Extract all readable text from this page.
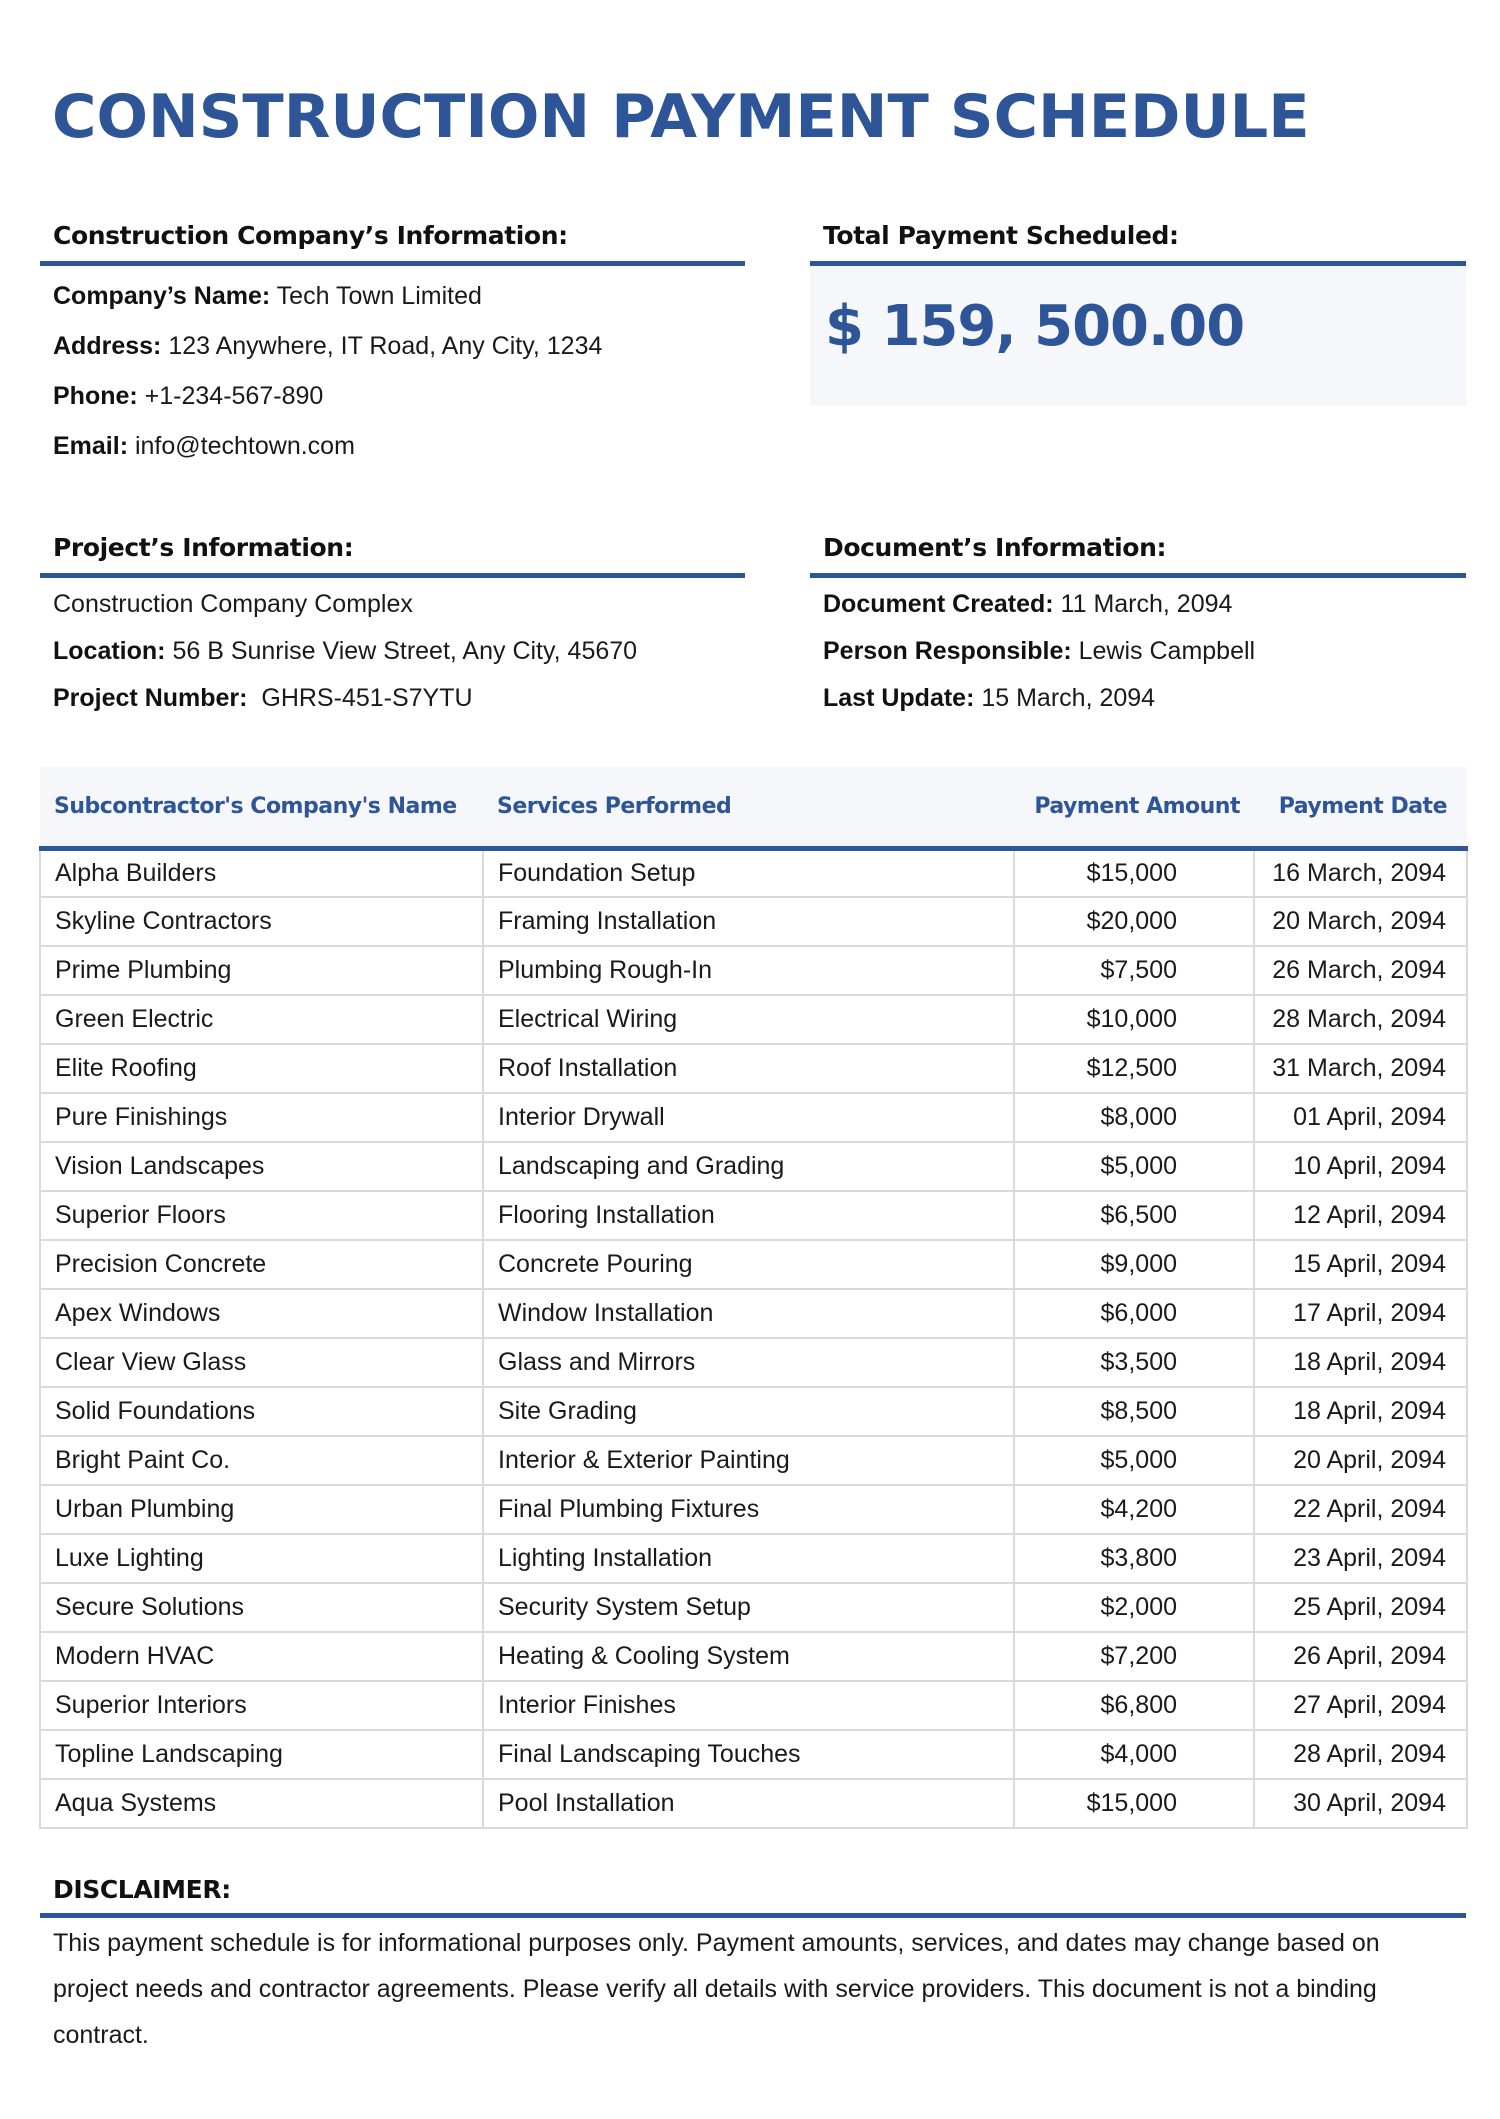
CONSTRUCTION PAYMENT SCHEDULE
Construction Company’s Information:
Company’s Name: Tech Town Limited
Address: 123 Anywhere, IT Road, Any City, 1234
Phone: +1-234-567-890
Email: info@techtown.com
Total Payment Scheduled:
$ 159, 500.00
Project’s Information:
Construction Company Complex
Location: 56 B Sunrise View Street, Any City, 45670
Project Number:  GHRS-451-S7YTU
Document’s Information:
Document Created: 11 March, 2094
Person Responsible: Lewis Campbell
Last Update: 15 March, 2094
Subcontractor's Company's Name	Services Performed	Payment Amount	Payment Date
Alpha Builders	Foundation Setup	$15,000	16 March, 2094
Skyline Contractors	Framing Installation	$20,000	20 March, 2094
Prime Plumbing	Plumbing Rough-In	$7,500	26 March, 2094
Green Electric	Electrical Wiring	$10,000	28 March, 2094
Elite Roofing	Roof Installation	$12,500	31 March, 2094
Pure Finishings	Interior Drywall	$8,000	01 April, 2094
Vision Landscapes	Landscaping and Grading	$5,000	10 April, 2094
Superior Floors	Flooring Installation	$6,500	12 April, 2094
Precision Concrete	Concrete Pouring	$9,000	15 April, 2094
Apex Windows	Window Installation	$6,000	17 April, 2094
Clear View Glass	Glass and Mirrors	$3,500	18 April, 2094
Solid Foundations	Site Grading	$8,500	18 April, 2094
Bright Paint Co.	Interior & Exterior Painting	$5,000	20 April, 2094
Urban Plumbing	Final Plumbing Fixtures	$4,200	22 April, 2094
Luxe Lighting	Lighting Installation	$3,800	23 April, 2094
Secure Solutions	Security System Setup	$2,000	25 April, 2094
Modern HVAC	Heating & Cooling System	$7,200	26 April, 2094
Superior Interiors	Interior Finishes	$6,800	27 April, 2094
Topline Landscaping	Final Landscaping Touches	$4,000	28 April, 2094
Aqua Systems	Pool Installation	$15,000	30 April, 2094
DISCLAIMER:

This payment schedule is for informational purposes only. Payment amounts, services, and dates may change based on project needs and contractor agreements. Please verify all details with service providers. This document is not a binding contract.
